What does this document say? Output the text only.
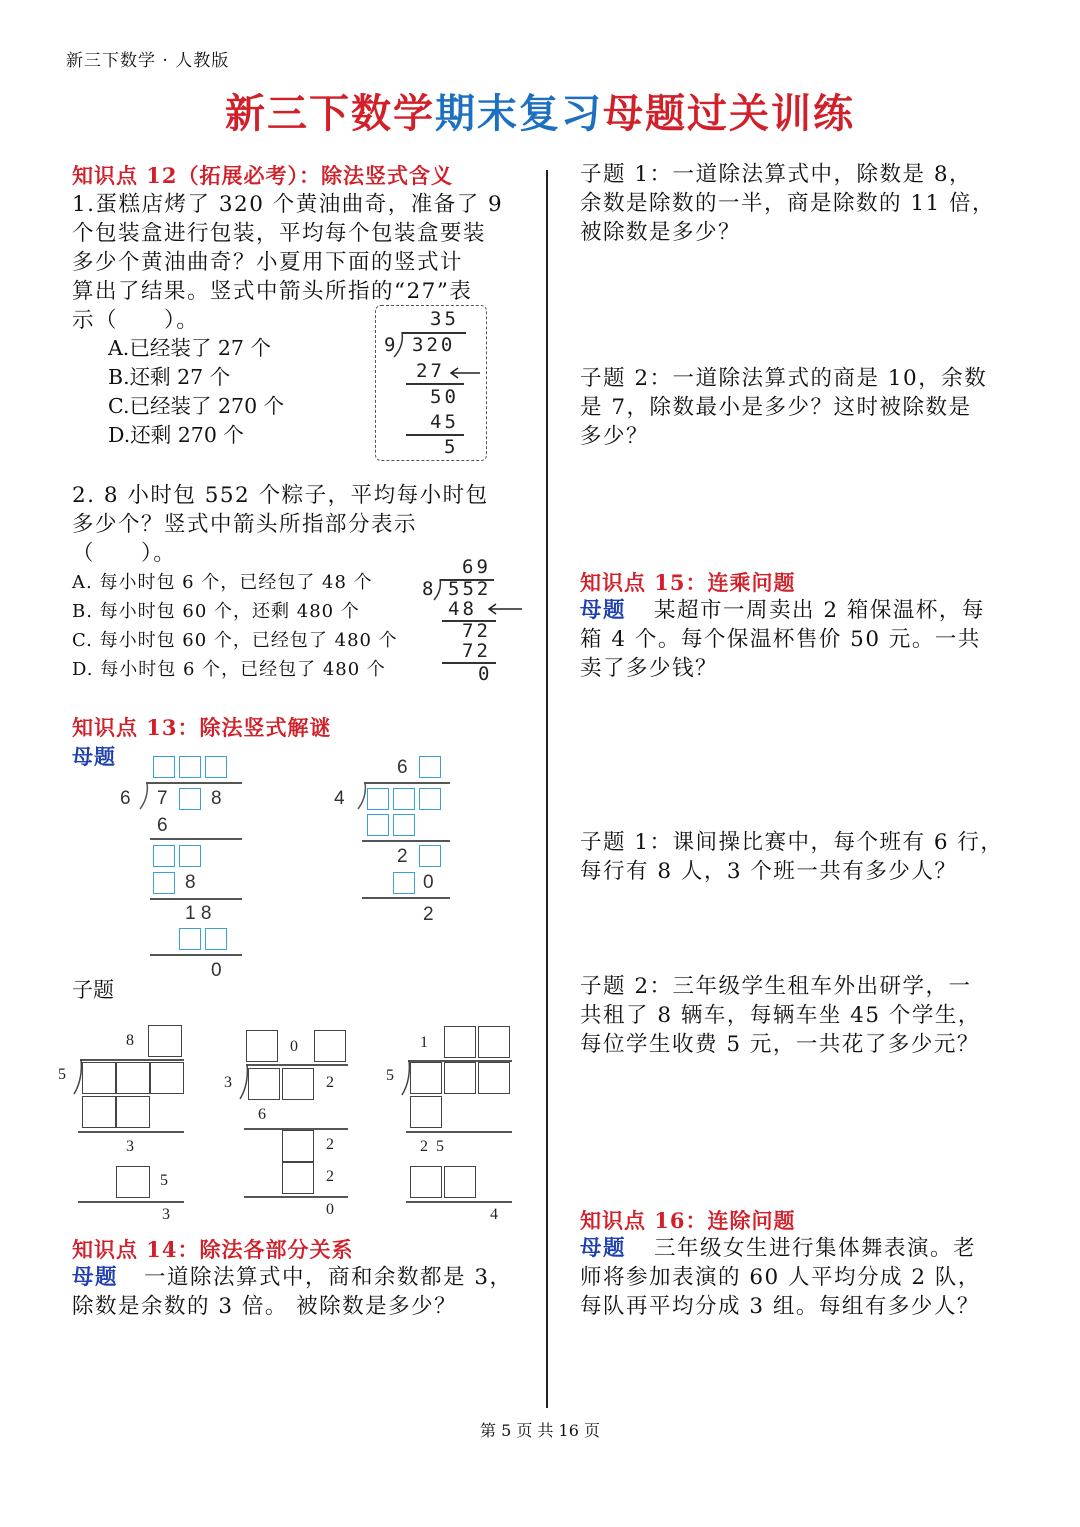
新三下数学 · 人教版
新三下数学期末复习母题过关训练
知识点 12（拓展必考）：除法竖式含义
1.蛋糕店烤了 320 个黄油曲奇，准备了 9
个包装盒进行包装，平均每个包装盒要装
多少个黄油曲奇？小夏用下面的竖式计
算出了结果。竖式中箭头所指的“27”表
示（　　）。
A.已经装了 27 个
B.还剩 27 个
C.已经装了 270 个
D.还剩 270 个
35
9 320
27
50
45
5
2. 8 小时包 552 个粽子，平均每小时包
多少个？竖式中箭头所指部分表示
（　　）。
A. 每小时包 6 个，已经包了 48 个
B. 每小时包 60 个，还剩 480 个
C. 每小时包 60 个，已经包了 480 个
D. 每小时包 6 个，已经包了 480 个
69
8 552
48
72
72
0
知识点 13：除法竖式解谜
母题
6 7 8
6
8
1 8
0
6
4
2
0
2
子题
8
5
3
5
3
0
3	2
6
2
2
0
1
5
2  5
4
知识点 14：除法各部分关系
母题 一道除法算式中，商和余数都是 3，
除数是余数的 3 倍。 被除数是多少？
子题 1：一道除法算式中，除数是 8，
余数是除数的一半，商是除数的 11 倍，
被除数是多少？
子题 2：一道除法算式的商是 10，余数
是 7，除数最小是多少？这时被除数是
多少？
知识点 15：连乘问题
母题 某超市一周卖出 2 箱保温杯，每
箱 4 个。每个保温杯售价 50 元。一共
卖了多少钱？
子题 1：课间操比赛中，每个班有 6 行，
每行有 8 人，3 个班一共有多少人？
子题 2：三年级学生租车外出研学，一
共租了 8 辆车，每辆车坐 45 个学生，
每位学生收费 5 元，一共花了多少元？
知识点 16：连除问题
母题 三年级女生进行集体舞表演。老
师将参加表演的 60 人平均分成 2 队，
每队再平均分成 3 组。每组有多少人？
第 5 页 共 16 页
